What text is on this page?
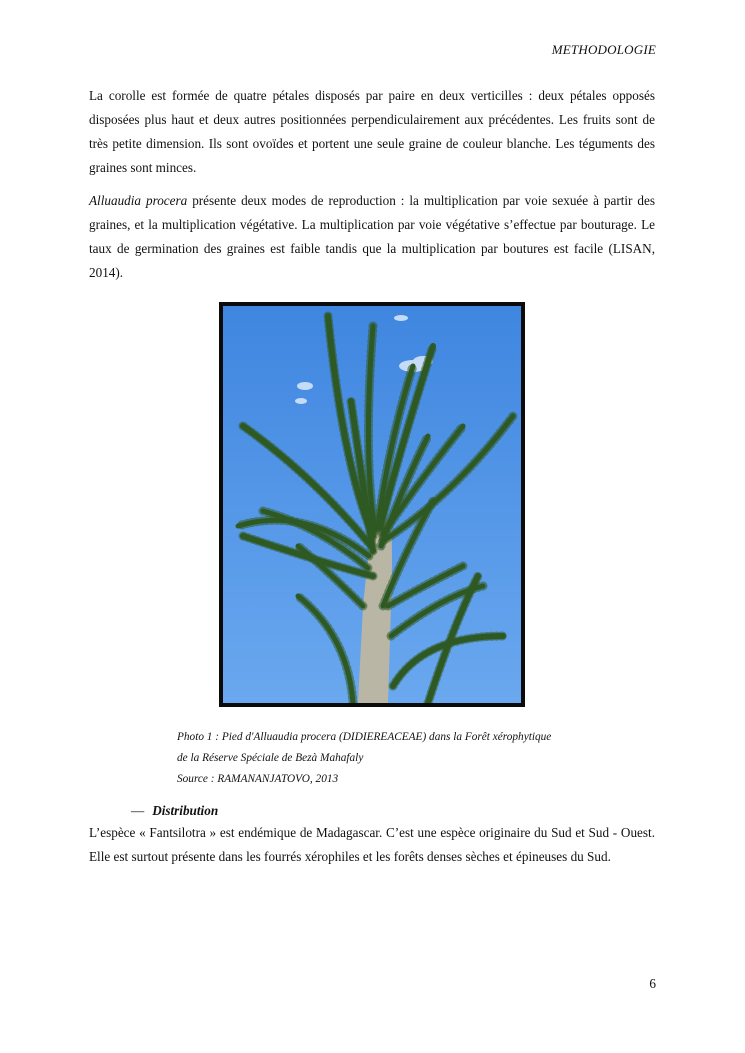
METHODOLOGIE

La corolle est formée de quatre pétales disposés par paire en deux verticilles : deux pétales opposés disposées plus haut et deux autres positionnées perpendiculairement aux précédentes. Les fruits sont de très petite dimension. Ils sont ovoïdes et portent une seule graine de couleur blanche. Les téguments des graines sont minces.

Alluaudia procera présente deux modes de reproduction : la multiplication par voie sexuée à partir des graines, et la multiplication végétative. La multiplication par voie végétative s’effectue par bouturage. Le taux de germination des graines est faible tandis que la multiplication par boutures est facile (LISAN, 2014).

Photo 1 : Pied d'Alluaudia procera (DIDIEREACEAE) dans la Forêt xérophytique
de la Réserve Spéciale de Bezà Mahafaly
Source : RAMANANJATOVO, 2013
— Distribution

L’espèce « Fantsilotra » est endémique de Madagascar. C’est une espèce originaire du Sud et Sud - Ouest. Elle est surtout présente dans les fourrés xérophiles et les forêts denses sèches et épineuses du Sud.

6
